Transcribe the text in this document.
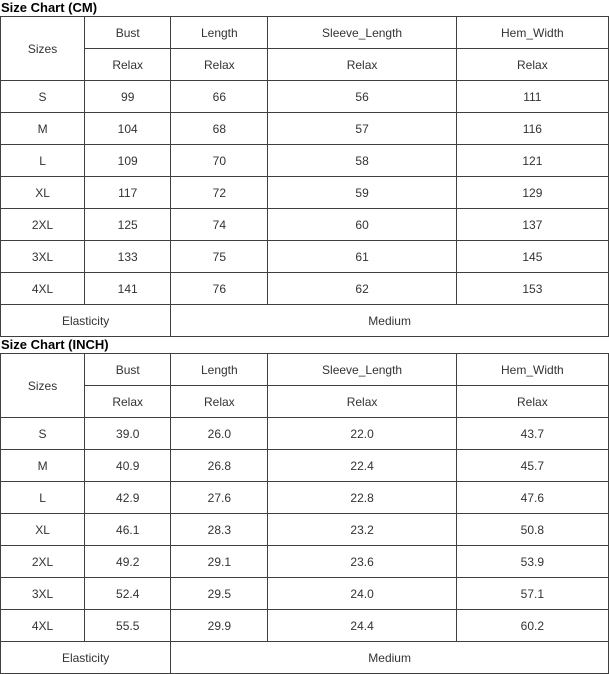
Size Chart (CM)
Sizes	Bust	Length	Sleeve_Length	Hem_Width
	Relax	Relax	Relax	Relax
S	99	66	56	111
M	104	68	57	116
L	109	70	58	121
XL	117	72	59	129
2XL	125	74	60	137
3XL	133	75	61	145
4XL	141	76	62	153
Elasticity		Medium		
Size Chart (INCH)
Sizes	Bust	Length	Sleeve_Length	Hem_Width
	Relax	Relax	Relax	Relax
S	39.0	26.0	22.0	43.7
M	40.9	26.8	22.4	45.7
L	42.9	27.6	22.8	47.6
XL	46.1	28.3	23.2	50.8
2XL	49.2	29.1	23.6	53.9
3XL	52.4	29.5	24.0	57.1
4XL	55.5	29.9	24.4	60.2
Elasticity		Medium		
